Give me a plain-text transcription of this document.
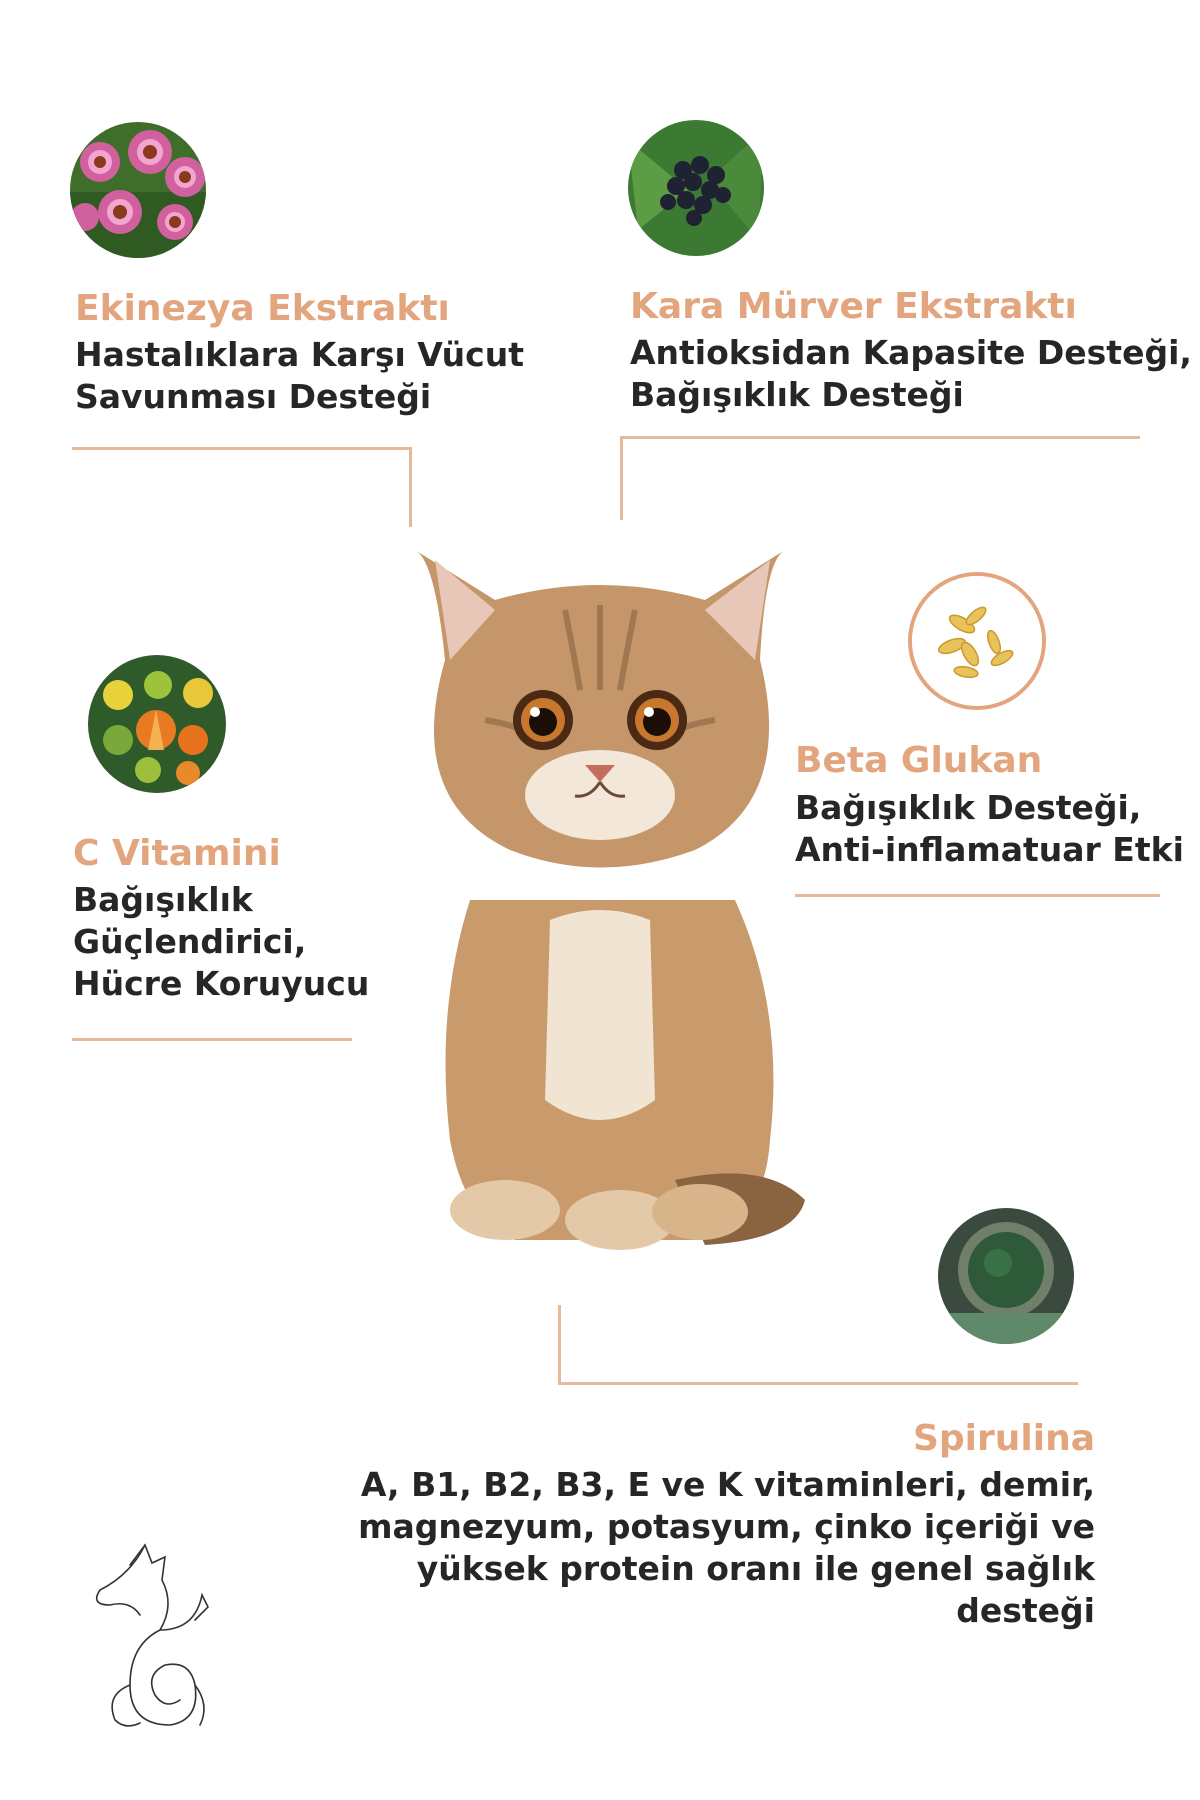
Ekinezya Ekstraktı
Hastalıklara Karşı Vücut
Savunması Desteği
Kara Mürver Ekstraktı
Antioksidan Kapasite Desteği,
Bağışıklık Desteği
Beta Glukan
Bağışıklık Desteği,
Anti-inflamatuar Etki
C Vitamini
Bağışıklık
Güçlendirici,
Hücre Koruyucu
Spirulina
A, B1, B2, B3, E ve K vitaminleri, demir,
magnezyum, potasyum, çinko içeriği ve
yüksek protein oranı ile genel sağlık
desteği
